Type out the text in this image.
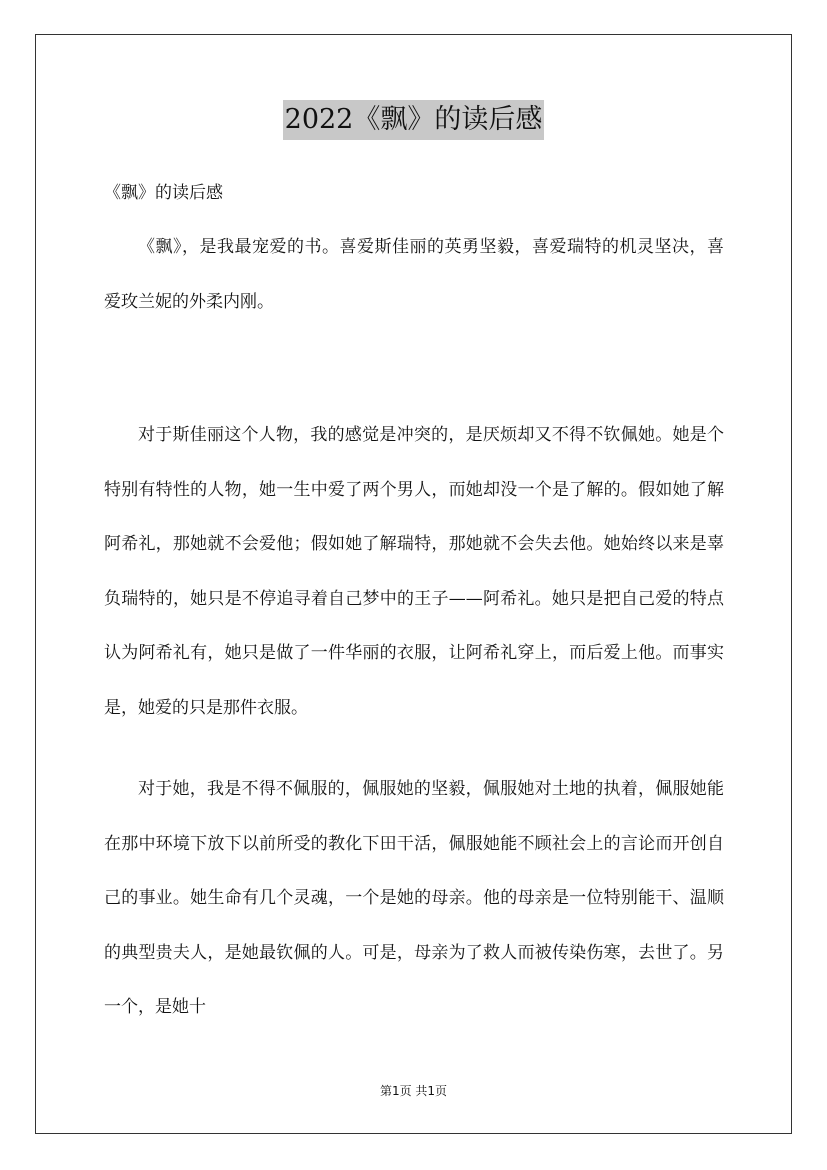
2022《飘》的读后感
《飘》的读后感

《飘》，是我最宠爱的书。喜爱斯佳丽的英勇坚毅，喜爱瑞特的机灵坚决，喜爱玫兰妮的外柔内刚。

对于斯佳丽这个人物，我的感觉是冲突的，是厌烦却又不得不钦佩她。她是个特别有特性的人物，她一生中爱了两个男人，而她却没一个是了解的。假如她了解阿希礼，那她就不会爱他；假如她了解瑞特，那她就不会失去他。她始终以来是辜负瑞特的，她只是不停追寻着自己梦中的王子——阿希礼。她只是把自己爱的特点认为阿希礼有，她只是做了一件华丽的衣服，让阿希礼穿上，而后爱上他。而事实是，她爱的只是那件衣服。

对于她，我是不得不佩服的，佩服她的坚毅，佩服她对土地的执着，佩服她能在那中环境下放下以前所受的教化下田干活，佩服她能不顾社会上的言论而开创自己的事业。她生命有几个灵魂，一个是她的母亲。他的母亲是一位特别能干、温顺的典型贵夫人，是她最钦佩的人。可是，母亲为了救人而被传染伤寒，去世了。另一个，是她十

第1页 共1页
